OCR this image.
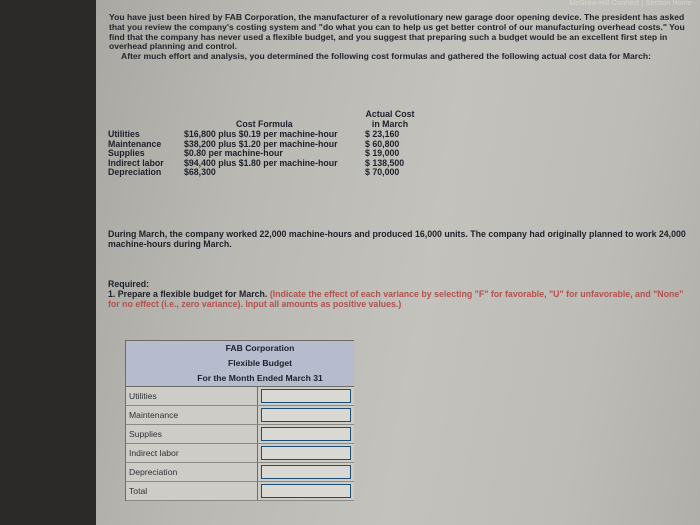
McGraw-Hill Connect | Section Home

You have just been hired by FAB Corporation, the manufacturer of a revolutionary new garage door opening device. The president has asked that you review the company's costing system and "do what you can to help us get better control of our manufacturing overhead costs." You find that the company has never used a flexible budget, and you suggest that preparing such a budget would be an excellent first step in overhead planning and control.

After much effort and analysis, you determined the following cost formulas and gathered the following actual cost data for March:

Cost Formula
Actual Cost
in March
Utilities	$16,800 plus $0.19 per machine-hour	$ 23,160
Maintenance	$38,200 plus $1.20 per machine-hour	$ 60,800
Supplies	$0.80 per machine-hour	$ 19,000
Indirect labor $94,400 plus $1.80 per machine-hour	$ 138,500
Depreciation	$68,300	$ 70,000
During March, the company worked 22,000 machine-hours and produced 16,000 units. The company had originally planned to work 24,000 machine-hours during March.
Required:
1. Prepare a flexible budget for March. (Indicate the effect of each variance by selecting "F" for favorable, "U" for unfavorable, and "None" for no effect (i.e., zero variance). Input all amounts as positive values.)
FAB Corporation
Flexible Budget
For the Month Ended March 31
Utilities
Maintenance
Supplies
Indirect labor
Depreciation
Total
